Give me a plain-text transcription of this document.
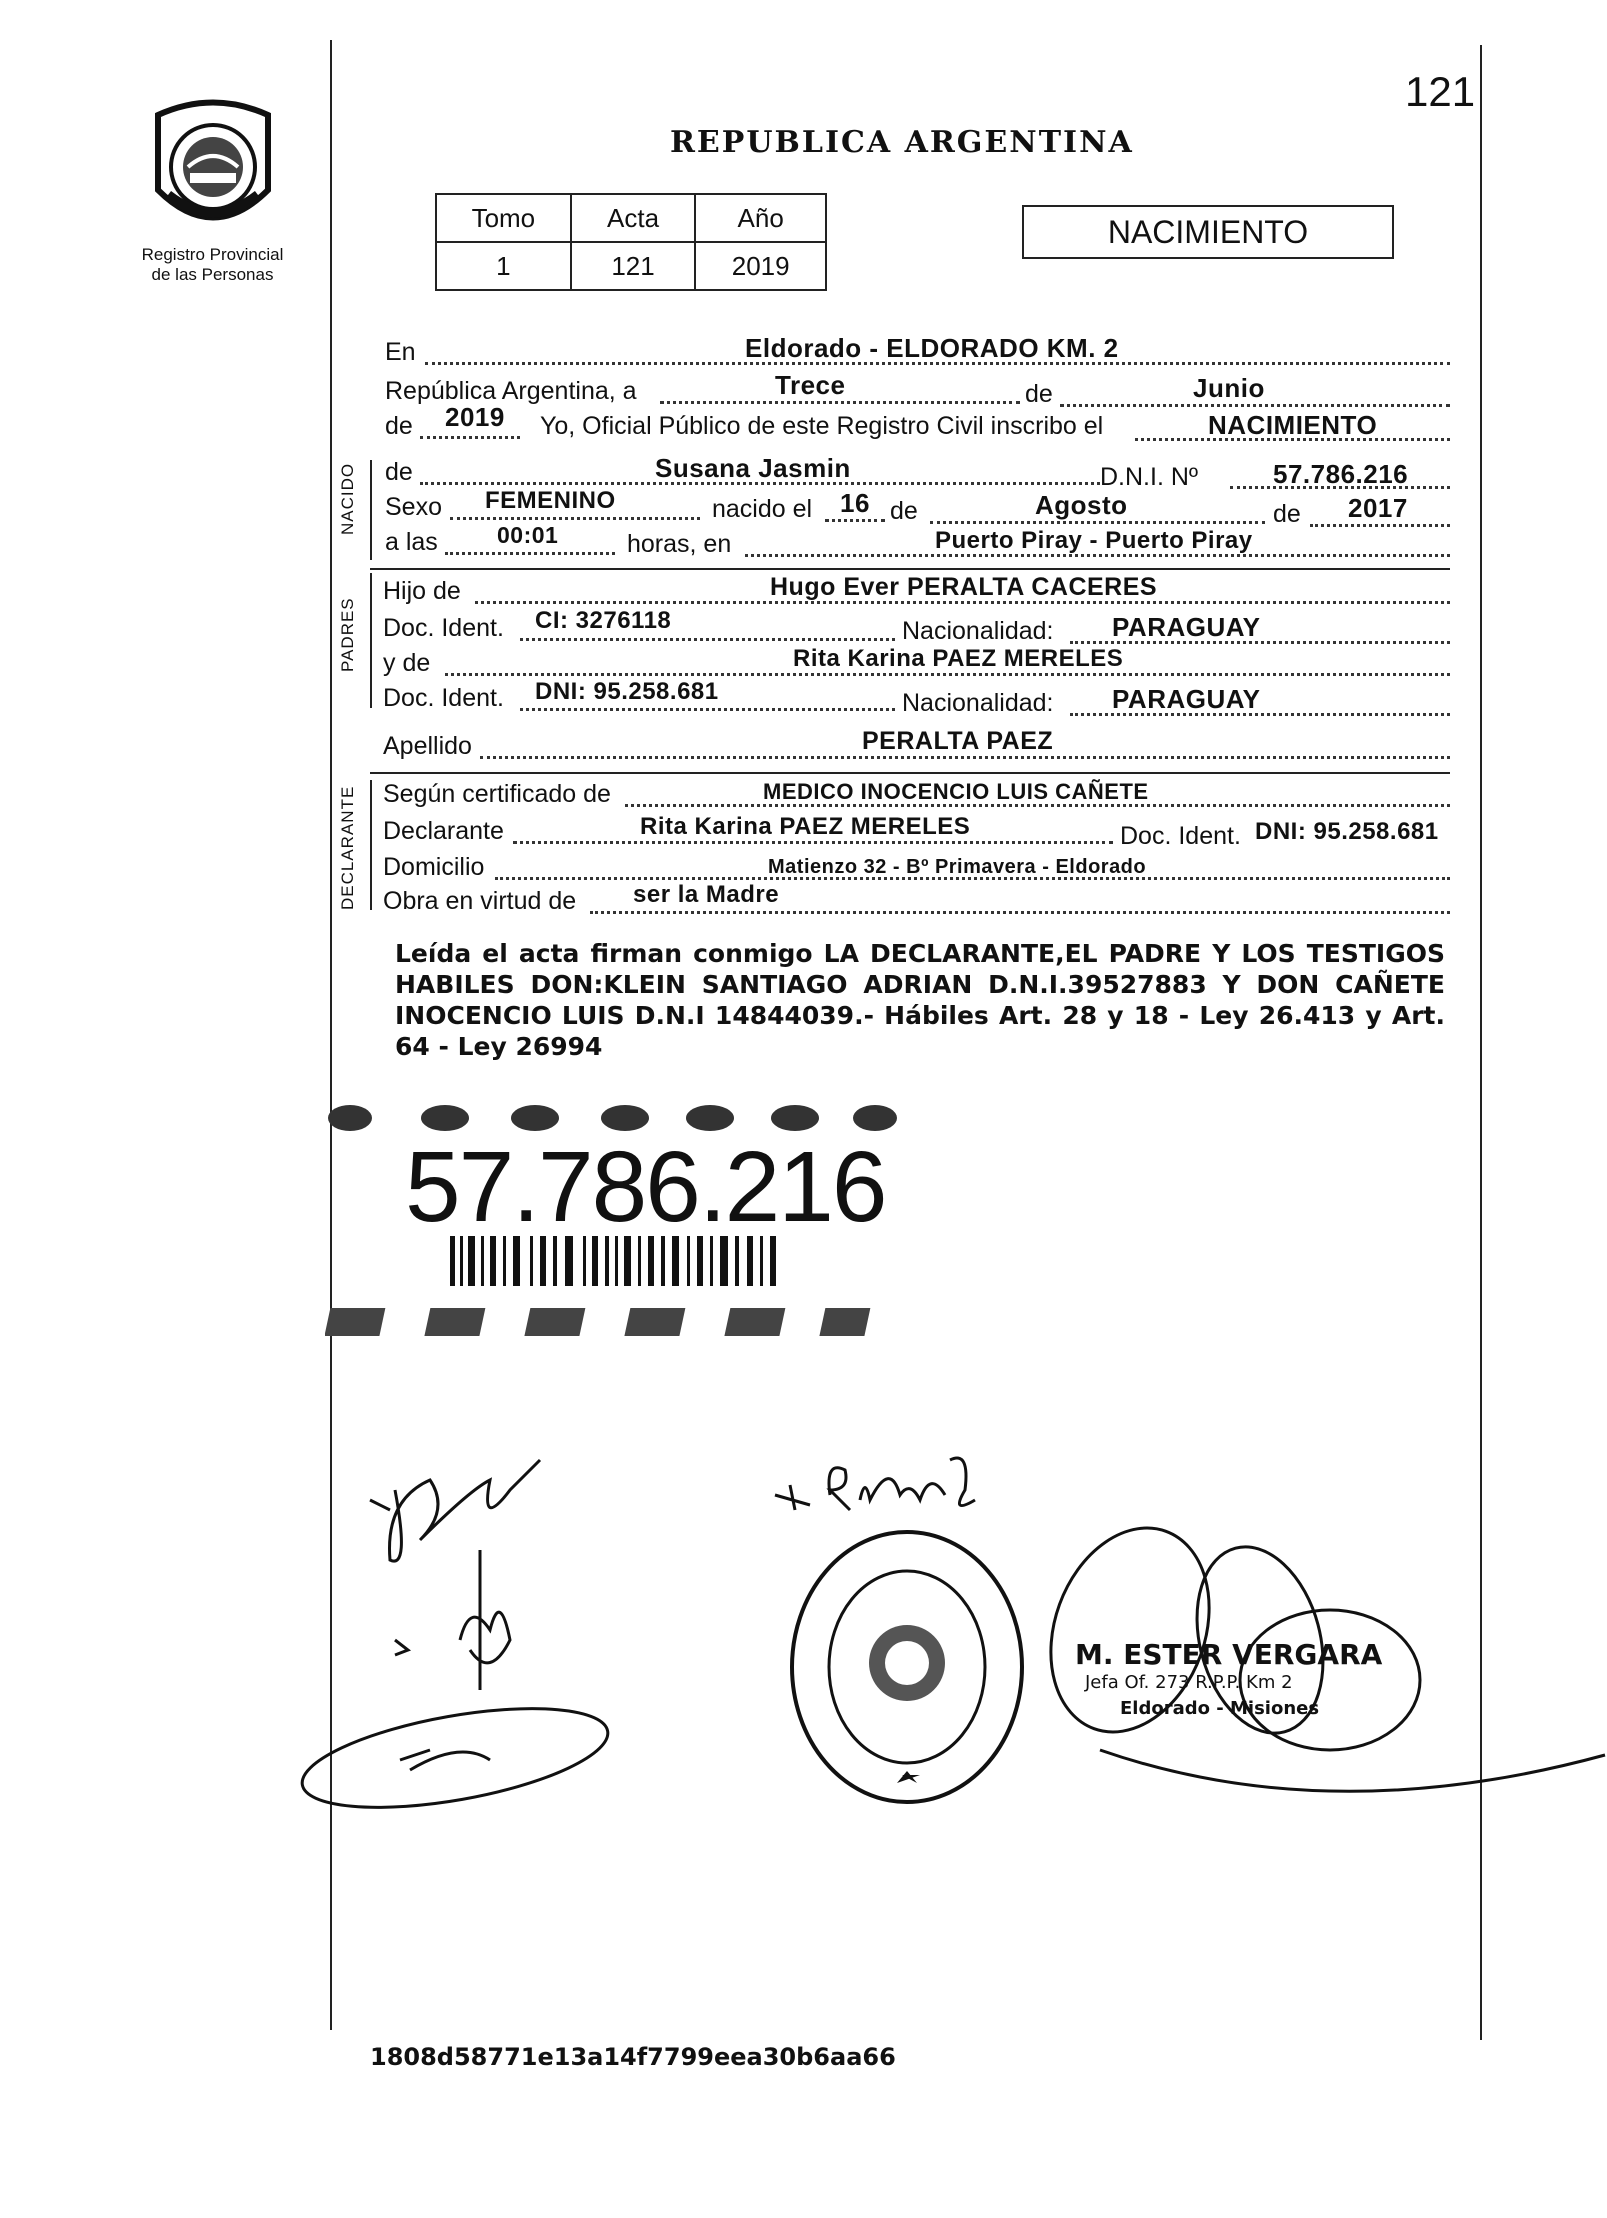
121
Registro Provincial
de las Personas
REPUBLICA ARGENTINA
Tomo	Acta	Año
1	121	2019
NACIMIENTO
NACIDO
PADRES
DECLARANTE
En	Eldorado - ELDORADO KM. 2
República Argentina, a	Trece	de	Junio
de 2019 Yo, Oficial Público de este Registro Civil inscribo el	NACIMIENTO
de	Susana Jasmin	D.N.I. Nº	57.786.216
Sexo FEMENINO	nacido el 16 de	Agosto	de 2017
a las	00:01	horas, en	Puerto Piray - Puerto Piray
Hijo de	Hugo Ever PERALTA CACERES
Doc. Ident. CI: 3276118	Nacionalidad: PARAGUAY
y de	Rita Karina PAEZ MERELES
Doc. Ident. DNI: 95.258.681	Nacionalidad: PARAGUAY
Apellido	PERALTA PAEZ
Según certificado de	MEDICO INOCENCIO LUIS CAÑETE
Declarante	Rita Karina PAEZ MERELES	Doc. Ident. DNI: 95.258.681
Domicilio	Matienzo 32 - Bº Primavera - Eldorado
Obra en virtud de ser la Madre
Leída el acta firman conmigo LA DECLARANTE,EL PADRE Y LOS TESTIGOS HABILES DON:KLEIN SANTIAGO ADRIAN D.N.I.39527883 Y DON CAÑETE INOCENCIO LUIS D.N.I 14844039.- Hábiles Art. 28 y 18 - Ley 26.413 y Art. 64 - Ley 26994
57.786.216
M. ESTER VERGARA
Jefa Of. 273 R.P.P. Km 2
Eldorado - Misiones
1808d58771e13a14f7799eea30b6aa66
